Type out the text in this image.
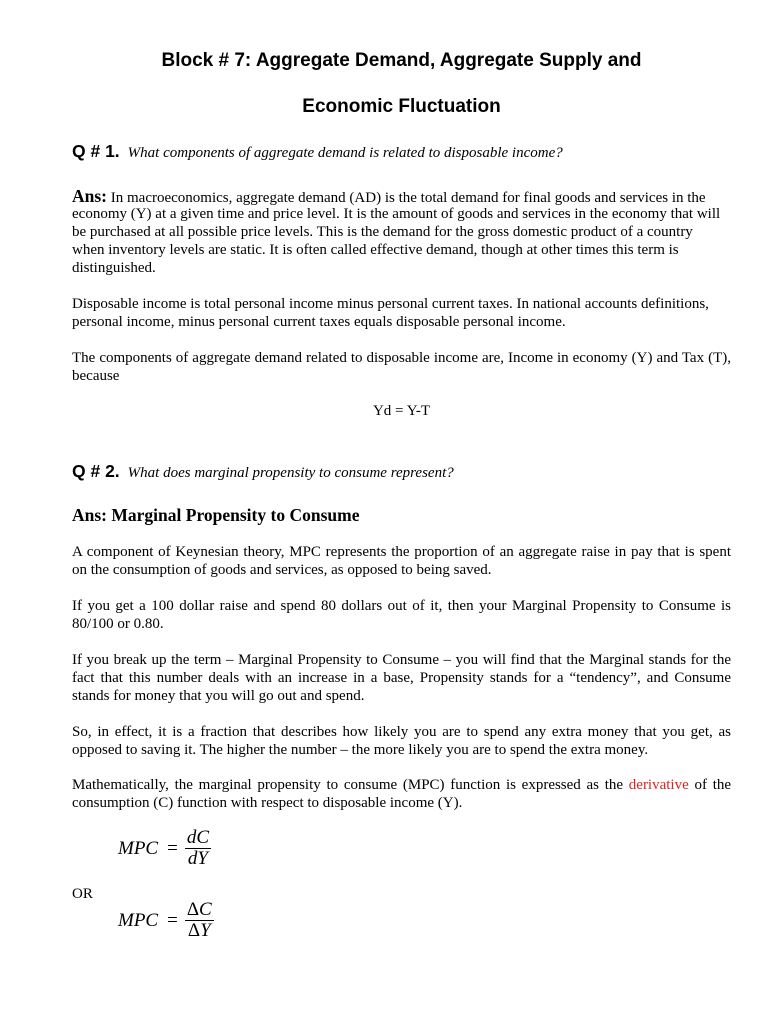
Block # 7: Aggregate Demand, Aggregate Supply and
Economic Fluctuation
Q # 1. What components of aggregate demand is related to disposable income?
Ans: In macroeconomics, aggregate demand (AD) is the total demand for final goods and services in the
economy (Y) at a given time and price level. It is the amount of goods and services in the economy that will
be purchased at all possible price levels. This is the demand for the gross domestic product of a country
when inventory levels are static. It is often called effective demand, though at other times this term is
distinguished.
Disposable income is total personal income minus personal current taxes. In national accounts definitions,
personal income, minus personal current taxes equals disposable personal income.
The components of aggregate demand related to disposable income are, Income in economy (Y) and Tax (T),
because
Yd = Y-T
Q # 2. What does marginal propensity to consume represent?
Ans: Marginal Propensity to Consume
A component of Keynesian theory, MPC represents the proportion of an aggregate raise in pay that is spent
on the consumption of goods and services, as opposed to being saved.
If you get a 100 dollar raise and spend 80 dollars out of it, then your Marginal Propensity to Consume is
80/100 or 0.80.
If you break up the term – Marginal Propensity to Consume – you will find that the Marginal stands for the
fact that this number deals with an increase in a base, Propensity stands for a “tendency”, and Consume
stands for money that you will go out and spend.
So, in effect, it is a fraction that describes how likely you are to spend any extra money that you get, as
opposed to saving it. The higher the number – the more likely you are to spend the extra money.
Mathematically, the marginal propensity to consume (MPC) function is expressed as the derivative of the
consumption (C) function with respect to disposable income (Y).
MPC = $\frac{dC}{dY}$
OR
MPC = $\frac{\Delta C}{\Delta Y}$
